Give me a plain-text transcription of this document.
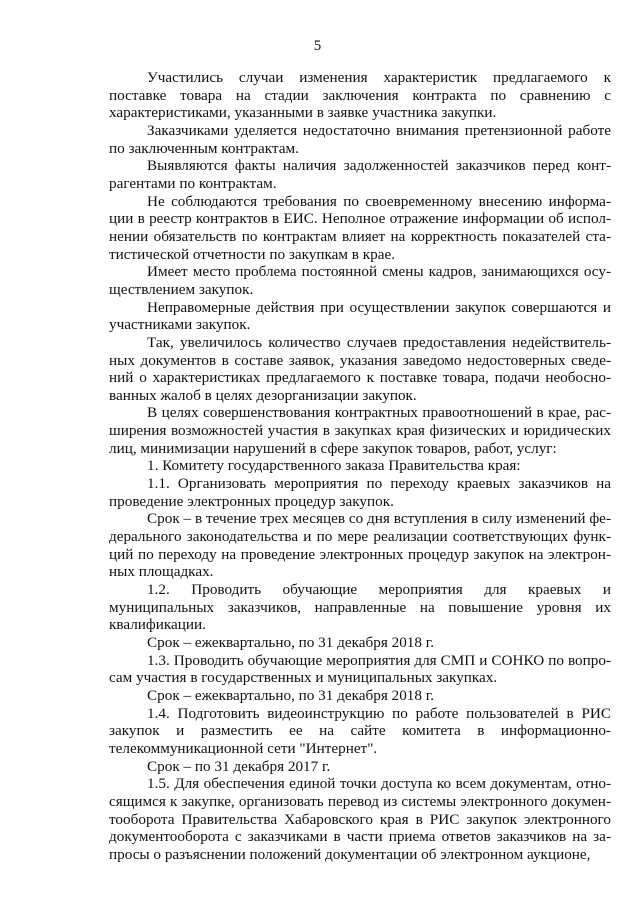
5

Участились случаи изменения характеристик предлагаемого к поставке товара на стадии заключения контракта по сравнению с характеристиками, указанными в заявке участника закупки.

Заказчиками уделяется недостаточно внимания претензионной работе по заключенным контрактам.

Выявляются факты наличия задолженностей заказчиков перед контрагентами по контрактам.

Не соблюдаются требования по своевременному внесению информации в реестр контрактов в ЕИС. Неполное отражение информации об исполнении обязательств по контрактам влияет на корректность показателей статистической отчетности по закупкам в крае.

Имеет место проблема постоянной смены кадров, занимающихся осуществлением закупок.

Неправомерные действия при осуществлении закупок совершаются и участниками закупок.

Так, увеличилось количество случаев предоставления недействительных документов в составе заявок, указания заведомо недостоверных сведений о характеристиках предлагаемого к поставке товара, подачи необоснованных жалоб в целях дезорганизации закупок.

В целях совершенствования контрактных правоотношений в крае, расширения возможностей участия в закупках края физических и юридических лиц, минимизации нарушений в сфере закупок товаров, работ, услуг:

1. Комитету государственного заказа Правительства края:

1.1. Организовать мероприятия по переходу краевых заказчиков на проведение электронных процедур закупок.

Срок – в течение трех месяцев со дня вступления в силу изменений федерального законодательства и по мере реализации соответствующих функций по переходу на проведение электронных процедур закупок на электронных площадках.

1.2. Проводить обучающие мероприятия для краевых и муниципальных заказчиков, направленные на повышение уровня их квалификации.

Срок – ежеквартально, по 31 декабря 2018 г.

1.3. Проводить обучающие мероприятия для СМП и СОНКО по вопросам участия в государственных и муниципальных закупках.

Срок – ежеквартально, по 31 декабря 2018 г.

1.4. Подготовить видеоинструкцию по работе пользователей в РИС закупок и разместить ее на сайте комитета в информационно-телекоммуникационной сети "Интернет".

Срок – по 31 декабря 2017 г.

1.5. Для обеспечения единой точки доступа ко всем документам, относящимся к закупке, организовать перевод из системы электронного документооборота Правительства Хабаровского края в РИС закупок электронного документооборота с заказчиками в части приема ответов заказчиков на запросы о разъяснении положений документации об электронном аукционе,
